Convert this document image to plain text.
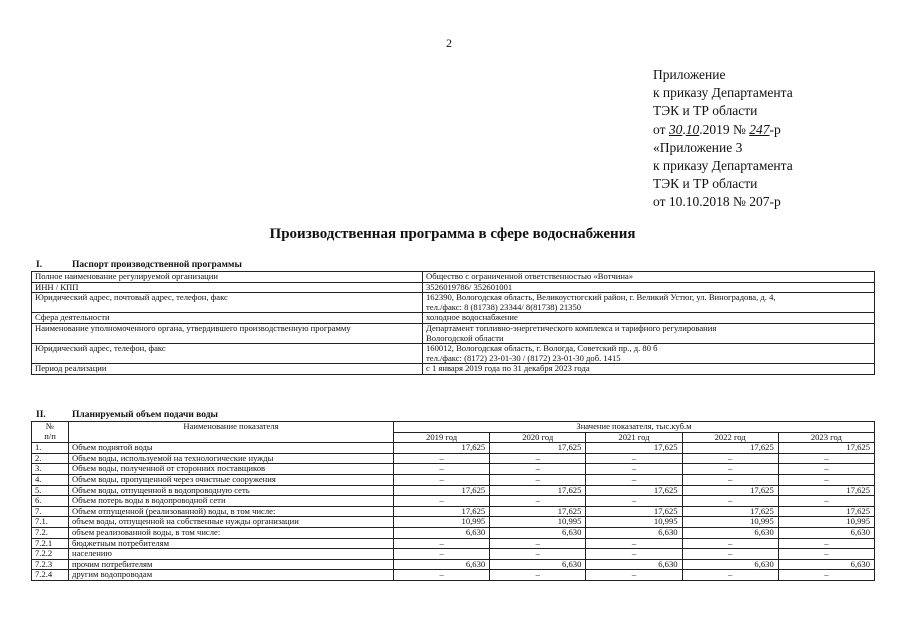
2
Приложение
к приказу Департамента
ТЭК и ТР области
от 30.10.2019 № 247-р
«Приложение 3
к приказу Департамента
ТЭК и ТР области
от 10.10.2018 № 207-р
Производственная программа в сфере водоснабжения
I.	Паспорт производственной программы
Полное наименование регулируемой организации	Общество с ограниченной ответственностью «Вотчина»

ИНН / КПП	3526019786/ 352601001

Юридический адрес, почтовый адрес, телефон, факс	162390, Вологодская область, Великоустюгский район, г. Великий Устюг, ул. Виноградова, д. 4,
тел./факс: 8 (81738) 23344/ 8(81738) 21350

Сфера деятельности	холодное водоснабжение

Наименование уполномоченного органа, утвердившего производственную программу	Департамент топливно-энергетического комплекса и тарифного регулирования
Вологодской области

Юридический адрес, телефон, факс	160012, Вологодская область, г. Вологда, Советский пр., д. 80 б
тел./факс: (8172) 23-01-30 / (8172) 23-01-30 доб. 1415

Период реализации	с 1 января 2019 года по 31 декабря 2023 года
II.	Планируемый объем подачи воды
№
п/п	Наименование показателя	Значение показателя, тыс.куб.м				
		2019 год	2020 год	2021 год	2022 год	2023 год
1.	Объем поднятой воды	17,625	17,625	17,625	17,625	17,625
2.	Объем воды, используемой на технологические нужды	–	–	–	–	–
3.	Объем воды, полученной от сторонних поставщиков	–	–	–	–	–
4.	Объем воды, пропущенной через очистные сооружения	–	–	–	–	–
5.	Объем воды, отпущенной в водопроводную сеть	17,625	17,625	17,625	17,625	17,625
6.	Объем потерь воды в водопроводной сети	–	–	–	–	–
7.	Объем отпущенной (реализованной) воды, в том числе:	17,625	17,625	17,625	17,625	17,625
7.1.	объем воды, отпущенной на собственные нужды организации	10,995	10,995	10,995	10,995	10,995
7.2.	объем реализованной воды, в том числе:	6,630	6,630	6,630	6,630	6,630
7.2.1	бюджетным потребителям	–	–	–	–	–
7.2.2	населению	–	–	–	–	–
7.2.3	прочим потребителям	6,630	6,630	6,630	6,630	6,630
7.2.4	другим водопроводам	–	–	–	–	–
